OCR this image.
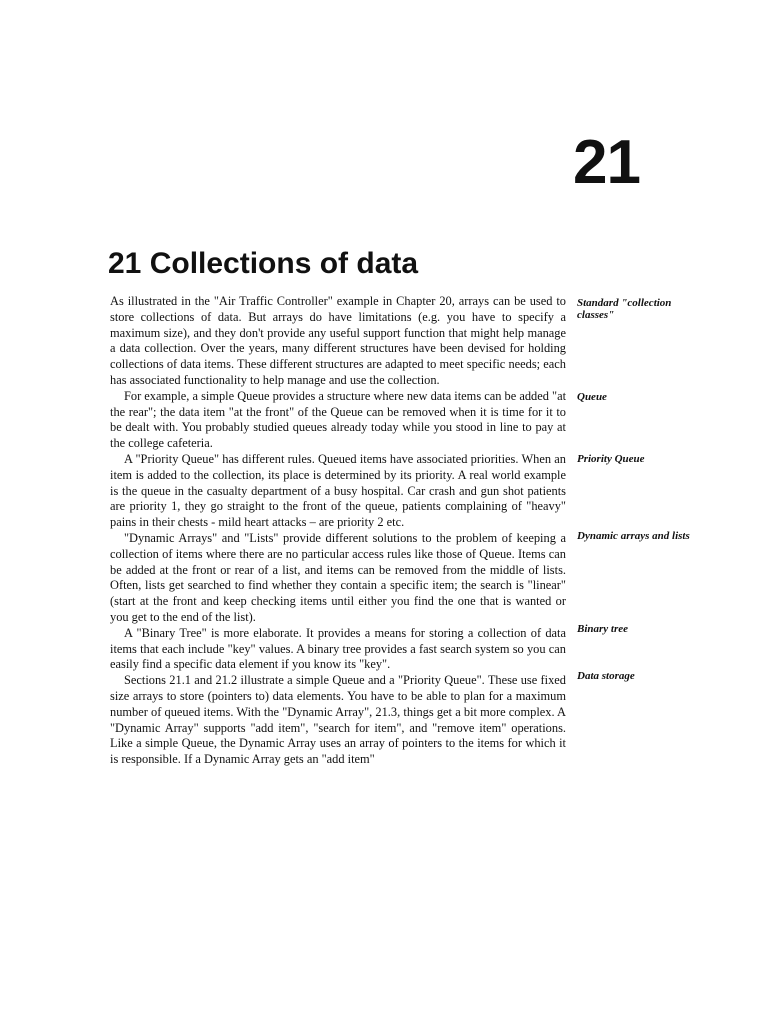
21
21 Collections of data

As illustrated in the "Air Traffic Controller" example in Chapter 20, arrays can be used to store collections of data. But arrays do have limitations (e.g. you have to specify a maximum size), and they don't provide any useful support function that might help manage a data collection. Over the years, many different structures have been devised for holding collections of data items. These different structures are adapted to meet specific needs; each has associated functionality to help manage and use the collection.

For example, a simple Queue provides a structure where new data items can be added "at the rear"; the data item "at the front" of the Queue can be removed when it is time for it to be dealt with. You probably studied queues already today while you stood in line to pay at the college cafeteria.

A "Priority Queue" has different rules. Queued items have associated priorities. When an item is added to the collection, its place is determined by its priority. A real world example is the queue in the casualty department of a busy hospital. Car crash and gun shot patients are priority 1, they go straight to the front of the queue, patients complaining of "heavy" pains in their chests - mild heart attacks – are priority 2 etc.

"Dynamic Arrays" and "Lists" provide different solutions to the problem of keeping a collection of items where there are no particular access rules like those of Queue. Items can be added at the front or rear of a list, and items can be removed from the middle of lists. Often, lists get searched to find whether they contain a specific item; the search is "linear" (start at the front and keep checking items until either you find the one that is wanted or you get to the end of the list).

A "Binary Tree" is more elaborate. It provides a means for storing a collection of data items that each include "key" values. A binary tree provides a fast search system so you can easily find a specific data element if you know its "key".

Sections 21.1 and 21.2 illustrate a simple Queue and a "Priority Queue". These use fixed size arrays to store (pointers to) data elements. You have to be able to plan for a maximum number of queued items. With the "Dynamic Array", 21.3, things get a bit more complex. A "Dynamic Array" supports "add item", "search for item", and "remove item" operations. Like a simple Queue, the Dynamic Array uses an array of pointers to the items for which it is responsible. If a Dynamic Array gets an "add item"

Standard "collection classes"
Queue
Priority Queue
Dynamic arrays and lists
Binary tree
Data storage
